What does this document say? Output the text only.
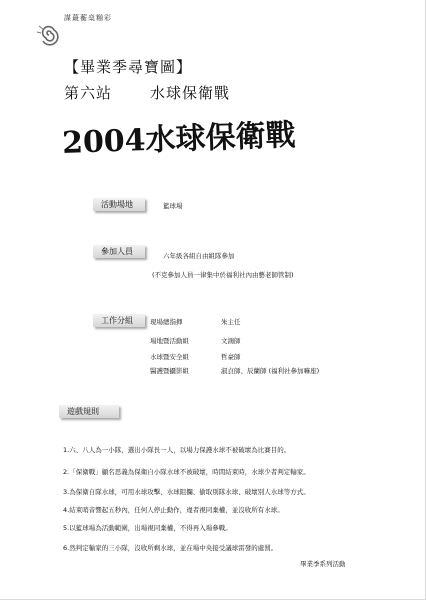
謀蕞蘅燊糋彩
【畢業季尋寶圖】
第六站	水球保衛戰
2004水球保衛戰
活動場地	籃球場
參加人員	六年級各組自由組隊參加
(不克參加人員一律集中於福利社內由藝老師管制)
工作分組	現場總指揮	朱主任
場地暨活動組	文鴻師
水球暨安全組	哲豪師
醫護暨攝影組	淑貞師、辰蘭師 (福利社參加嘛座)
遊戲規則
1.六、八人為一小隊，選出小隊長一人，以場力保護水球不被破壞為比賽目的。
2.「保衛戰」顧名思義為保衛自小隊水球不被破壞，時間結束時，水球少者判定輸家。
3.為保衛自隊水球，可用水球攻擊、水球阻攔、偷取別隊水球、破壞別人水球等方式。
4.結束哨音響起五秒內，任何人停止動作，違者視同棄權，並沒收所有水球。
5.以籃球場為活動範圍，出場視同棄權，不得再入場參戰。
6.然判定輸家的三小隊，沒收所剩水球，並在場中央接受議球雷發的處罰。
畢業季系列活動
